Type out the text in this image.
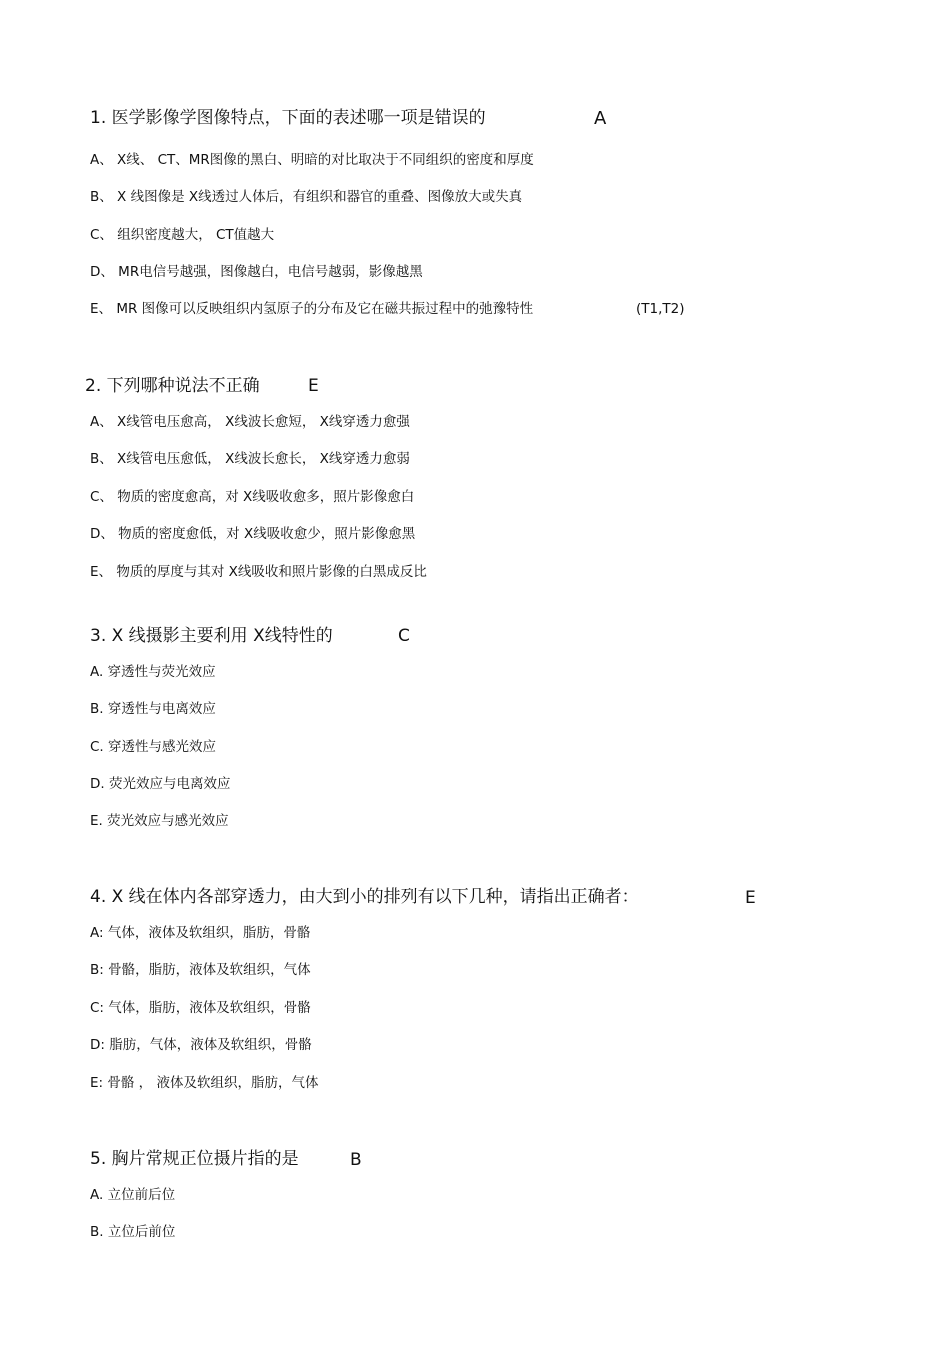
1. 医学影像学图像特点，下面的表述哪一项是错误的	A
A、 X线、 CT、MR图像的黑白、明暗的对比取决于不同组织的密度和厚度
B、 X 线图像是 X线透过人体后，有组织和器官的重叠、图像放大或失真
C、 组织密度越大， CT值越大
D、 MR电信号越强，图像越白，电信号越弱，影像越黑
E、 MR 图像可以反映组织内氢原子的分布及它在磁共振过程中的弛豫特性	(T1,T2)
2. 下列哪种说法不正确	E
A、 X线管电压愈高， X线波长愈短， X线穿透力愈强
B、 X线管电压愈低， X线波长愈长， X线穿透力愈弱
C、 物质的密度愈高，对 X线吸收愈多，照片影像愈白
D、 物质的密度愈低，对 X线吸收愈少，照片影像愈黑
E、 物质的厚度与其对 X线吸收和照片影像的白黑成反比
3. X 线摄影主要利用 X线特性的	C
A. 穿透性与荧光效应
B. 穿透性与电离效应
C. 穿透性与感光效应
D. 荧光效应与电离效应
E. 荧光效应与感光效应
4. X 线在体内各部穿透力，由大到小的排列有以下几种，请指出正确者：	E
A: 气体，液体及软组织，脂肪，骨骼
B: 骨骼，脂肪，液体及软组织，气体
C: 气体，脂肪，液体及软组织，骨骼
D: 脂肪，气体，液体及软组织，骨骼
E: 骨骼 ， 液体及软组织，脂肪，气体
5. 胸片常规正位摄片指的是	B
A. 立位前后位
B. 立位后前位
